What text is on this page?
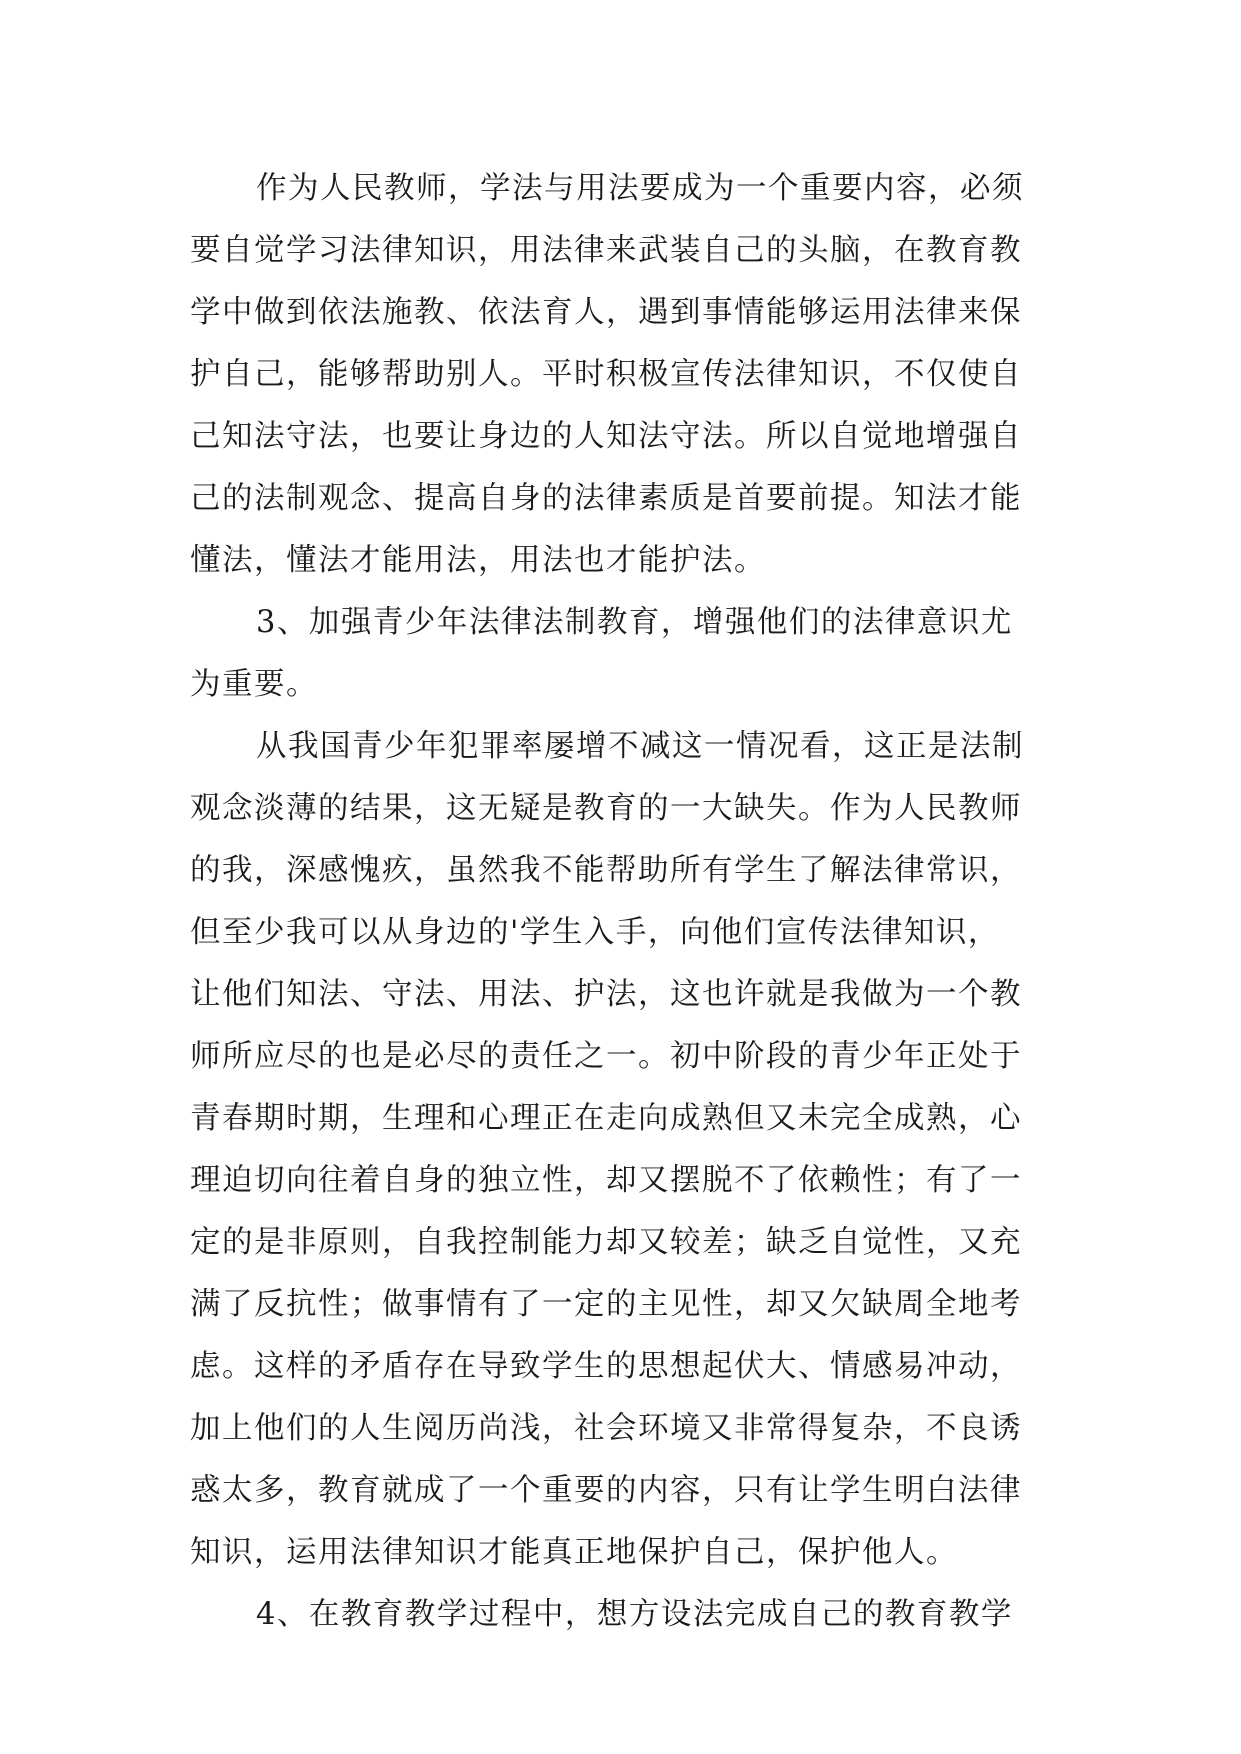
作为人民教师，学法与用法要成为一个重要内容，必须
要自觉学习法律知识，用法律来武装自己的头脑，在教育教
学中做到依法施教、依法育人，遇到事情能够运用法律来保
护自己，能够帮助别人。平时积极宣传法律知识，不仅使自
己知法守法，也要让身边的人知法守法。所以自觉地增强自
己的法制观念、提高自身的法律素质是首要前提。知法才能
懂法，懂法才能用法，用法也才能护法。
3、加强青少年法律法制教育，增强他们的法律意识尤
为重要。
从我国青少年犯罪率屡增不减这一情况看，这正是法制
观念淡薄的结果，这无疑是教育的一大缺失。作为人民教师
的我，深感愧疚，虽然我不能帮助所有学生了解法律常识，
但至少我可以从身边的'学生入手，向他们宣传法律知识，
让他们知法、守法、用法、护法，这也许就是我做为一个教
师所应尽的也是必尽的责任之一。初中阶段的青少年正处于
青春期时期，生理和心理正在走向成熟但又未完全成熟，心
理迫切向往着自身的独立性，却又摆脱不了依赖性；有了一
定的是非原则，自我控制能力却又较差；缺乏自觉性，又充
满了反抗性；做事情有了一定的主见性，却又欠缺周全地考
虑。这样的矛盾存在导致学生的思想起伏大、情感易冲动，
加上他们的人生阅历尚浅，社会环境又非常得复杂，不良诱
惑太多，教育就成了一个重要的内容，只有让学生明白法律
知识，运用法律知识才能真正地保护自己，保护他人。
4、在教育教学过程中，想方设法完成自己的教育教学
